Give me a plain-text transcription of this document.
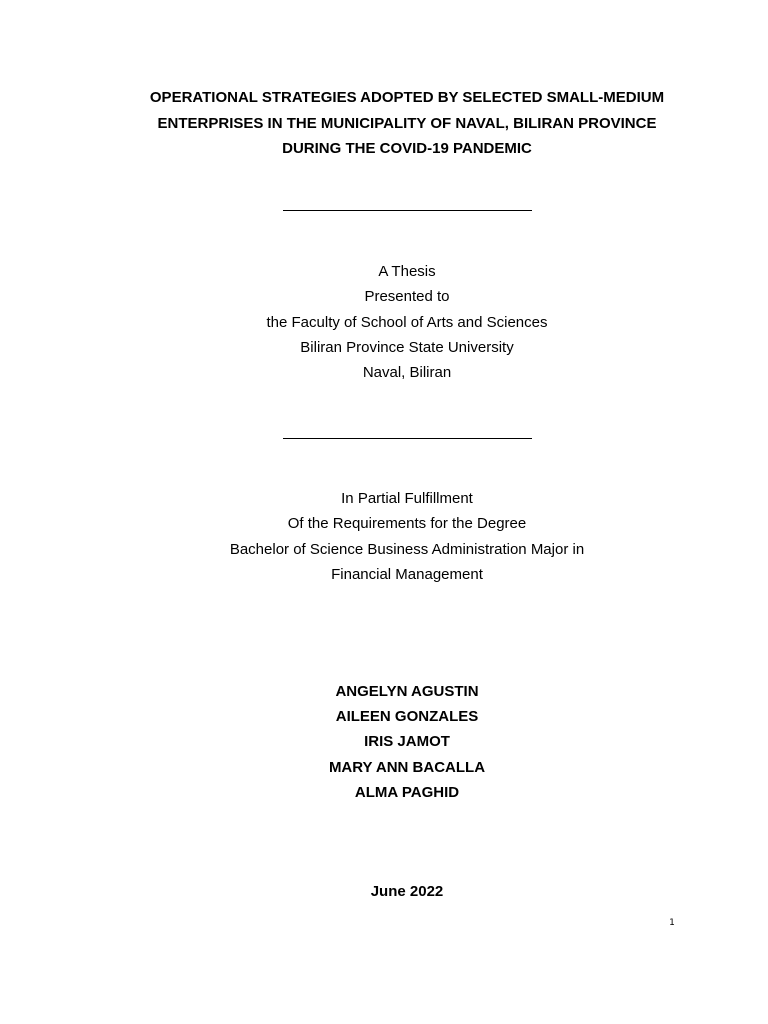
OPERATIONAL STRATEGIES ADOPTED BY SELECTED SMALL-MEDIUM
ENTERPRISES IN THE MUNICIPALITY OF NAVAL, BILIRAN PROVINCE
DURING THE COVID-19 PANDEMIC
A Thesis
Presented to
the Faculty of School of Arts and Sciences
Biliran Province State University
Naval, Biliran
In Partial Fulfillment
Of the Requirements for the Degree
Bachelor of Science Business Administration Major in
Financial Management
ANGELYN AGUSTIN
AILEEN GONZALES
IRIS JAMOT
MARY ANN BACALLA
ALMA PAGHID
June 2022
1
